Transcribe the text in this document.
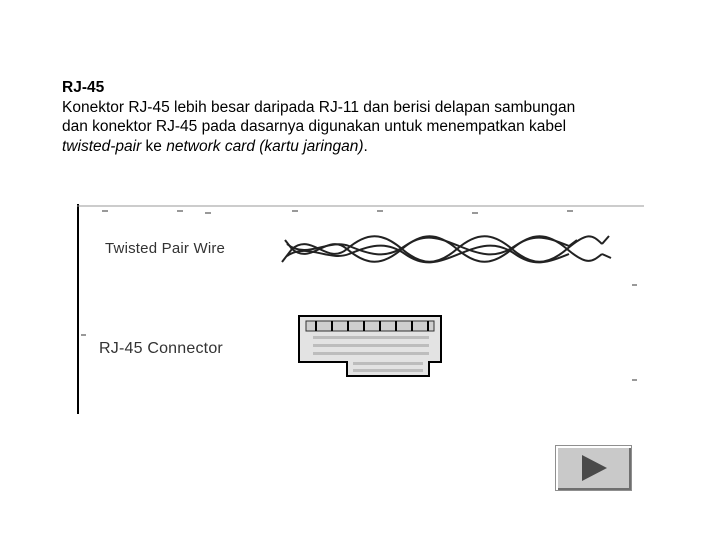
RJ-45

Konektor RJ-45 lebih besar daripada RJ-11 dan berisi delapan sambungan
dan konektor RJ-45 pada dasarnya digunakan untuk menempatkan kabel
twisted-pair ke network card (kartu jaringan).

Twisted Pair Wire
RJ-45 Connector
